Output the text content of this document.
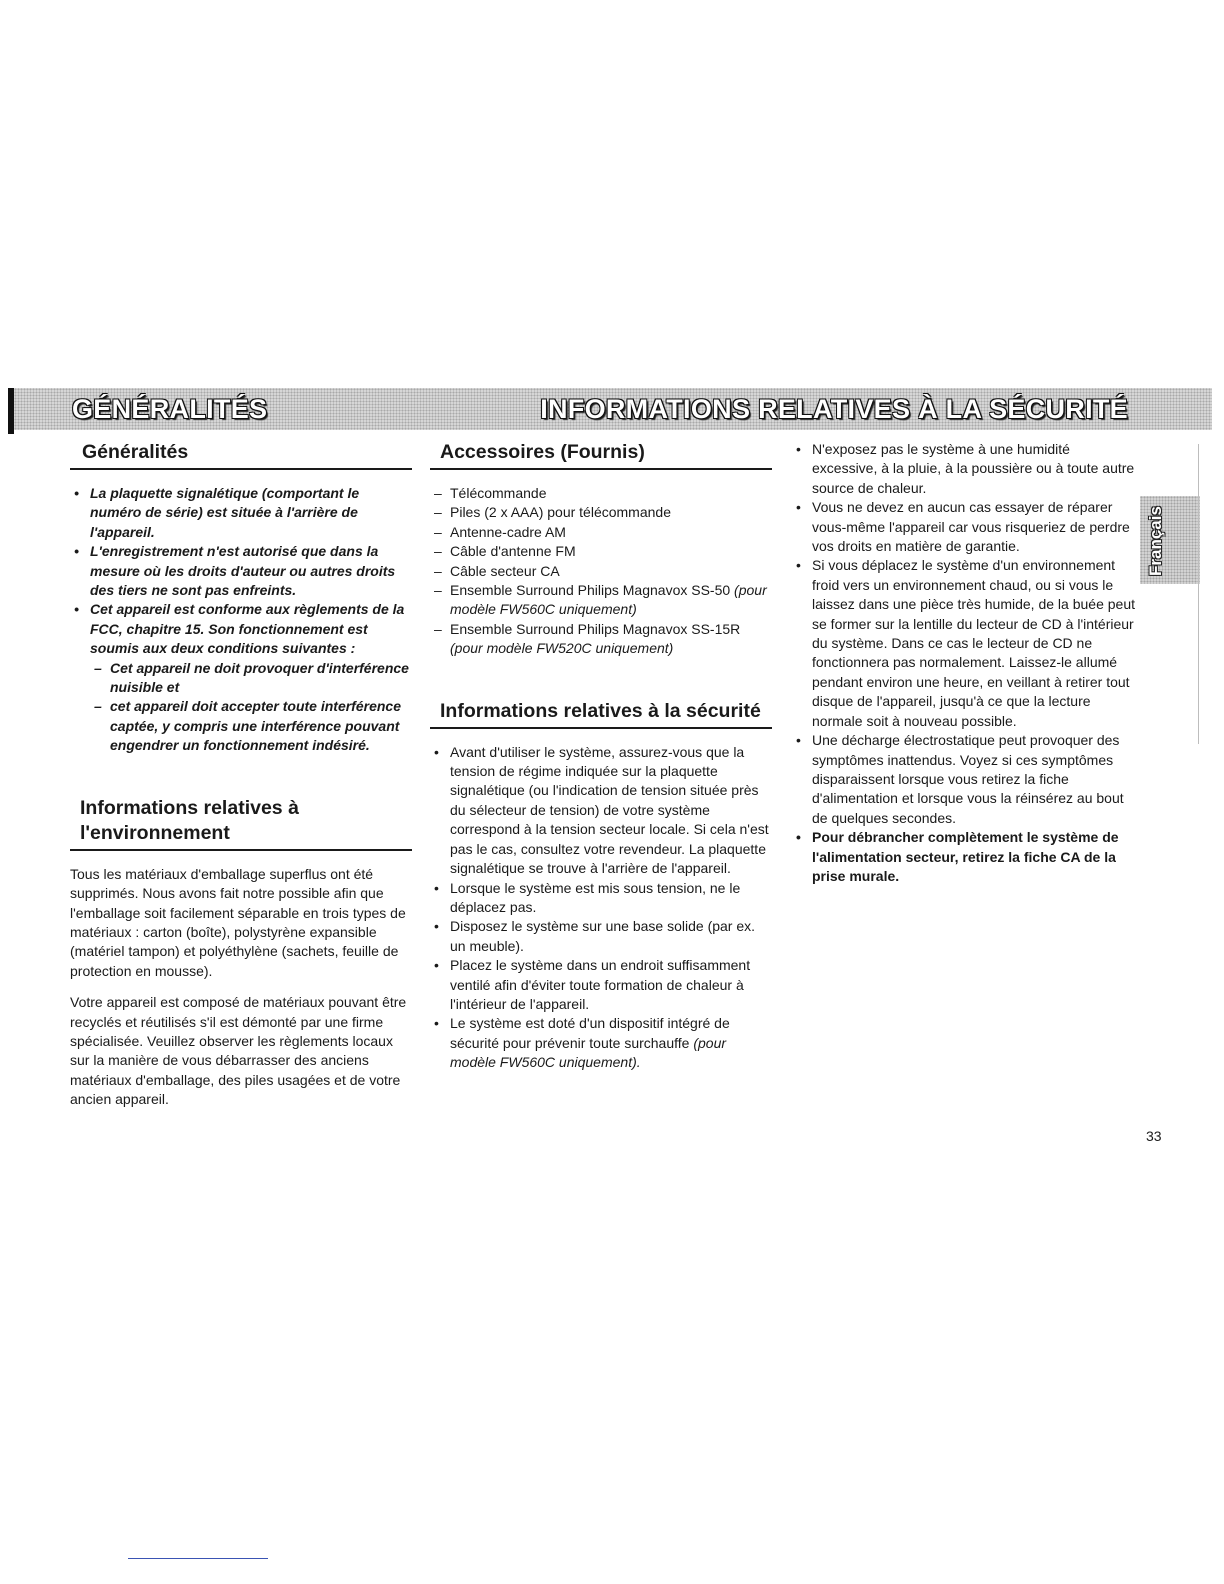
GÉNÉRALITÉS	INFORMATIONS RELATIVES À LA SÉCURITÉ
Français
Généralités
• La plaquette signalétique (comportant le numéro de série) est située à l'arrière de l'appareil.
• L'enregistrement n'est autorisé que dans la mesure où les droits d'auteur ou autres droits des tiers ne sont pas enfreints.
• Cet appareil est conforme aux règlements de la FCC, chapitre 15. Son fonctionnement est soumis aux deux conditions suivantes :
– Cet appareil ne doit provoquer d'interférence nuisible et
– cet appareil doit accepter toute interférence captée, y compris une interférence pouvant engendrer un fonctionnement indésiré.
Informations relatives à l'environnement

Tous les matériaux d'emballage superflus ont été supprimés. Nous avons fait notre possible afin que l'emballage soit facilement séparable en trois types de matériaux : carton (boîte), polystyrène expansible (matériel tampon) et polyéthylène (sachets, feuille de protection en mousse).

Votre appareil est composé de matériaux pouvant être recyclés et réutilisés s'il est démonté par une firme spécialisée. Veuillez observer les règlements locaux sur la manière de vous débarrasser des anciens matériaux d'emballage, des piles usagées et de votre ancien appareil.

Accessoires (Fournis)
– Télécommande
– Piles (2 x AAA) pour télécommande
– Antenne-cadre AM
– Câble d'antenne FM
– Câble secteur CA
– Ensemble Surround Philips Magnavox SS-50 (pour modèle FW560C uniquement)
– Ensemble Surround Philips Magnavox SS-15R (pour modèle FW520C uniquement)
Informations relatives à la sécurité
• Avant d'utiliser le système, assurez-vous que la tension de régime indiquée sur la plaquette signalétique (ou l'indication de tension située près du sélecteur de tension) de votre système correspond à la tension secteur locale. Si cela n'est pas le cas, consultez votre revendeur. La plaquette signalétique se trouve à l'arrière de l'appareil.
• Lorsque le système est mis sous tension, ne le déplacez pas.
• Disposez le système sur une base solide (par ex. un meuble).
• Placez le système dans un endroit suffisamment ventilé afin d'éviter toute formation de chaleur à l'intérieur de l'appareil.
• Le système est doté d'un dispositif intégré de sécurité pour prévenir toute surchauffe (pour modèle FW560C uniquement).
• N'exposez pas le système à une humidité excessive, à la pluie, à la poussière ou à toute autre source de chaleur.
• Vous ne devez en aucun cas essayer de réparer vous-même l'appareil car vous risqueriez de perdre vos droits en matière de garantie.
• Si vous déplacez le système d'un environnement froid vers un environnement chaud, ou si vous le laissez dans une pièce très humide, de la buée peut se former sur la lentille du lecteur de CD à l'intérieur du système. Dans ce cas le lecteur de CD ne fonctionnera pas normalement. Laissez-le allumé pendant environ une heure, en veillant à retirer tout disque de l'appareil, jusqu'à ce que la lecture normale soit à nouveau possible.
• Une décharge électrostatique peut provoquer des symptômes inattendus. Voyez si ces symptômes disparaissent lorsque vous retirez la fiche d'alimentation et lorsque vous la réinsérez au bout de quelques secondes.
• Pour débrancher complètement le système de l'alimentation secteur, retirez la fiche CA de la prise murale.
33
